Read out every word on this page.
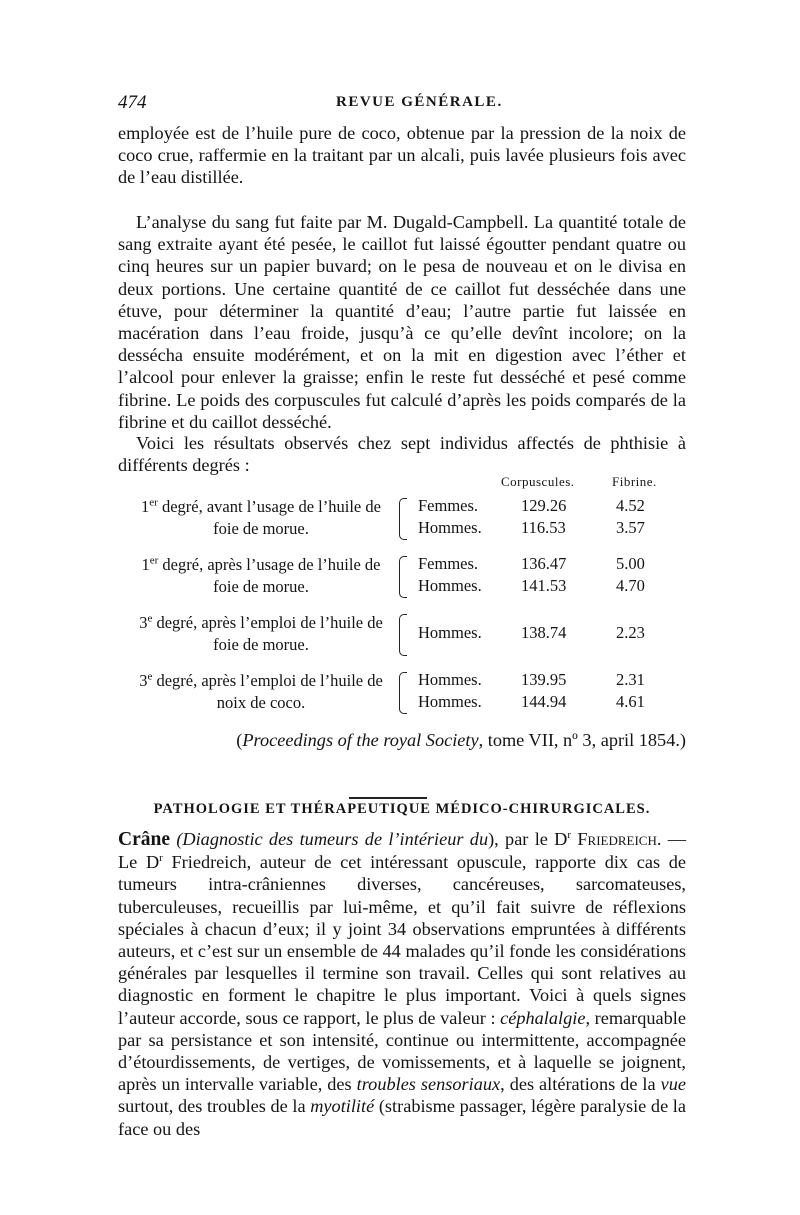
474	REVUE GÉNÉRALE.
employée est de l’huile pure de coco, obtenue par la pression de la noix de coco crue, raffermie en la traitant par un alcali, puis lavée plusieurs fois avec de l’eau distillée.
L’analyse du sang fut faite par M. Dugald-Campbell. La quantité totale de sang extraite ayant été pesée, le caillot fut laissé égoutter pendant quatre ou cinq heures sur un papier buvard; on le pesa de nouveau et on le divisa en deux portions. Une certaine quantité de ce caillot fut desséchée dans une étuve, pour déterminer la quantité d’eau; l’autre partie fut laissée en macération dans l’eau froide, jusqu’à ce qu’elle devînt incolore; on la dessécha ensuite modérément, et on la mit en digestion avec l’éther et l’alcool pour enlever la graisse; enfin le reste fut desséché et pesé comme fibrine. Le poids des corpuscules fut calculé d’après les poids comparés de la fibrine et du caillot desséché.
Voici les résultats observés chez sept individus affectés de phthisie à différents degrés :
Corpuscules.	Fibrine.
1er degré, avant l’usage de l’huile de foie de morue.
Femmes.	129.26	4.52
Hommes. 116.53	3.57
1er degré, après l’usage de l’huile de foie de morue.
Femmes.	136.47	5.00
Hommes. 141.53	4.70
3e degré, après l’emploi de l’huile de foie de morue.
Hommes. 138.74	2.23
3e degré, après l’emploi de l’huile de noix de coco.
Hommes. 139.95	2.31
Hommes. 144.94	4.61
(Proceedings of the royal Society, tome VII, nº 3, april 1854.)
PATHOLOGIE ET THÉRAPEUTIQUE MÉDICO-CHIRURGICALES.
Crâne (Diagnostic des tumeurs de l’intérieur du), par le $D^r$ Friedreich. — Le $D^r$ Friedreich, auteur de cet intéressant opuscule, rapporte dix cas de tumeurs intra-crâniennes diverses, cancéreuses, sarcomateuses, tuberculeuses, recueillis par lui-même, et qu’il fait suivre de réflexions spéciales à chacun d’eux; il y joint 34 observations empruntées à différents auteurs, et c’est sur un ensemble de 44 malades qu’il fonde les considérations générales par lesquelles il termine son travail. Celles qui sont relatives au diagnostic en forment le chapitre le plus important. Voici à quels signes l’auteur accorde, sous ce rapport, le plus de valeur : céphalalgie, remarquable par sa persistance et son intensité, continue ou intermittente, accompagnée d’étourdissements, de vertiges, de vomissements, et à laquelle se joignent, après un intervalle variable, des troubles sensoriaux, des altérations de la vue surtout, des troubles de la myotilité (strabisme passager, légère paralysie de la face ou des
